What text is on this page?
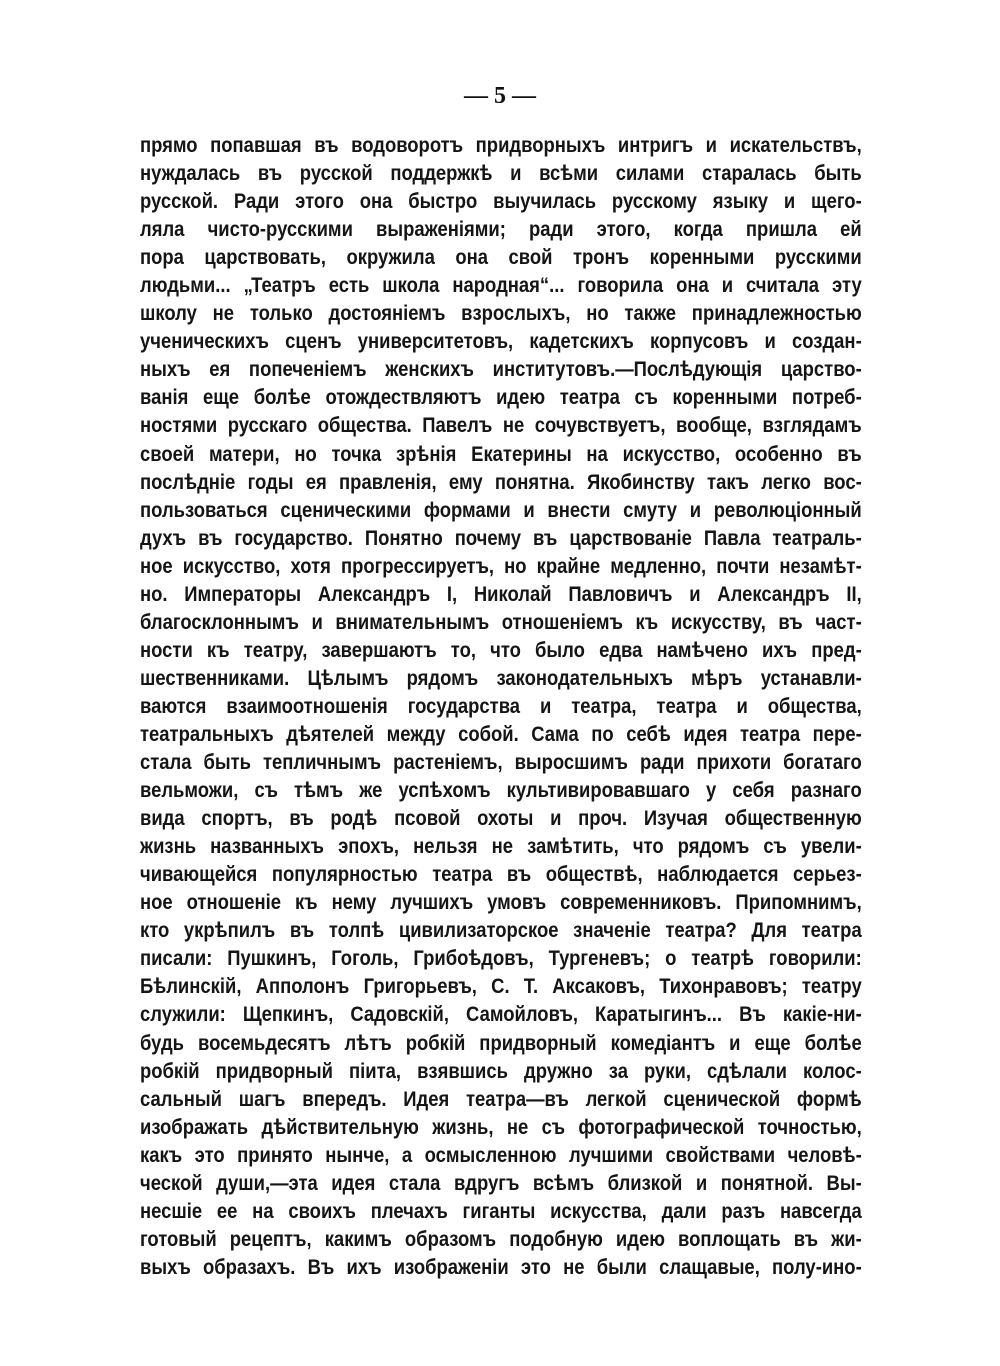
— 5 —
прямо попавшая въ водоворотъ придворныхъ интригъ и искательствъ,
нуждалась въ русской поддержкѣ и всѣми силами старалась быть
русской. Ради этого она быстро выучилась русскому языку и щего-
ляла чисто-русскими выраженіями; ради этого, когда пришла ей
пора царствовать, окружила она свой тронъ коренными русскими
людьми... „Театръ есть школа народная“... говорила она и считала эту
школу не только достояніемъ взрослыхъ, но также принадлежностью
ученическихъ сценъ университетовъ, кадетскихъ корпусовъ и создан-
ныхъ ея попеченіемъ женскихъ институтовъ.—Послѣдующія царство-
ванія еще болѣе отождествляютъ идею театра съ коренными потреб-
ностями русскаго общества. Павелъ не сочувствуетъ, вообще, взглядамъ
своей матери, но точка зрѣнія Екатерины на искусство, особенно въ
послѣдніе годы ея правленія, ему понятна. Якобинству такъ легко вос-
пользоваться сценическими формами и внести смуту и революціонный
духъ въ государство. Понятно почему въ царствованіе Павла театраль-
ное искусство, хотя прогрессируетъ, но крайне медленно, почти незамѣт-
но. Императоры Александръ I, Николай Павловичъ и Александръ II,
благосклоннымъ и внимательнымъ отношеніемъ къ искусству, въ част-
ности къ театру, завершаютъ то, что было едва намѣчено ихъ пред-
шественниками. Цѣлымъ рядомъ законодательныхъ мѣръ устанавли-
ваются взаимоотношенія государства и театра, театра и общества,
театральныхъ дѣятелей между собой. Сама по себѣ идея театра пере-
стала быть тепличнымъ растеніемъ, выросшимъ ради прихоти богатаго
вельможи, съ тѣмъ же успѣхомъ культивировавшаго у себя разнаго
вида спортъ, въ родѣ псовой охоты и проч. Изучая общественную
жизнь названныхъ эпохъ, нельзя не замѣтить, что рядомъ съ увели-
чивающейся популярностью театра въ обществѣ, наблюдается серьез-
ное отношеніе къ нему лучшихъ умовъ современниковъ. Припомнимъ,
кто укрѣпилъ въ толпѣ цивилизаторское значеніе театра? Для театра
писали: Пушкинъ, Гоголь, Грибоѣдовъ, Тургеневъ; о театрѣ говорили:
Бѣлинскій, Апполонъ Григорьевъ, С. Т. Аксаковъ, Тихонравовъ; театру
служили: Щепкинъ, Садовскій, Самойловъ, Каратыгинъ... Въ какіе-ни-
будь восемьдесятъ лѣтъ робкій придворный комедіантъ и еще болѣе
робкій придворный піита, взявшись дружно за руки, сдѣлали колос-
сальный шагъ впередъ. Идея театра—въ легкой сценической формѣ
изображать дѣйствительную жизнь, не съ фотографической точностью,
какъ это принято нынче, а осмысленною лучшими свойствами человѣ-
ческой души,—эта идея стала вдругъ всѣмъ близкой и понятной. Вы-
несшіе ее на своихъ плечахъ гиганты искусства, дали разъ навсегда
готовый рецептъ, какимъ образомъ подобную идею воплощать въ жи-
выхъ образахъ. Въ ихъ изображеніи это не были слащавые, полу-ино-
